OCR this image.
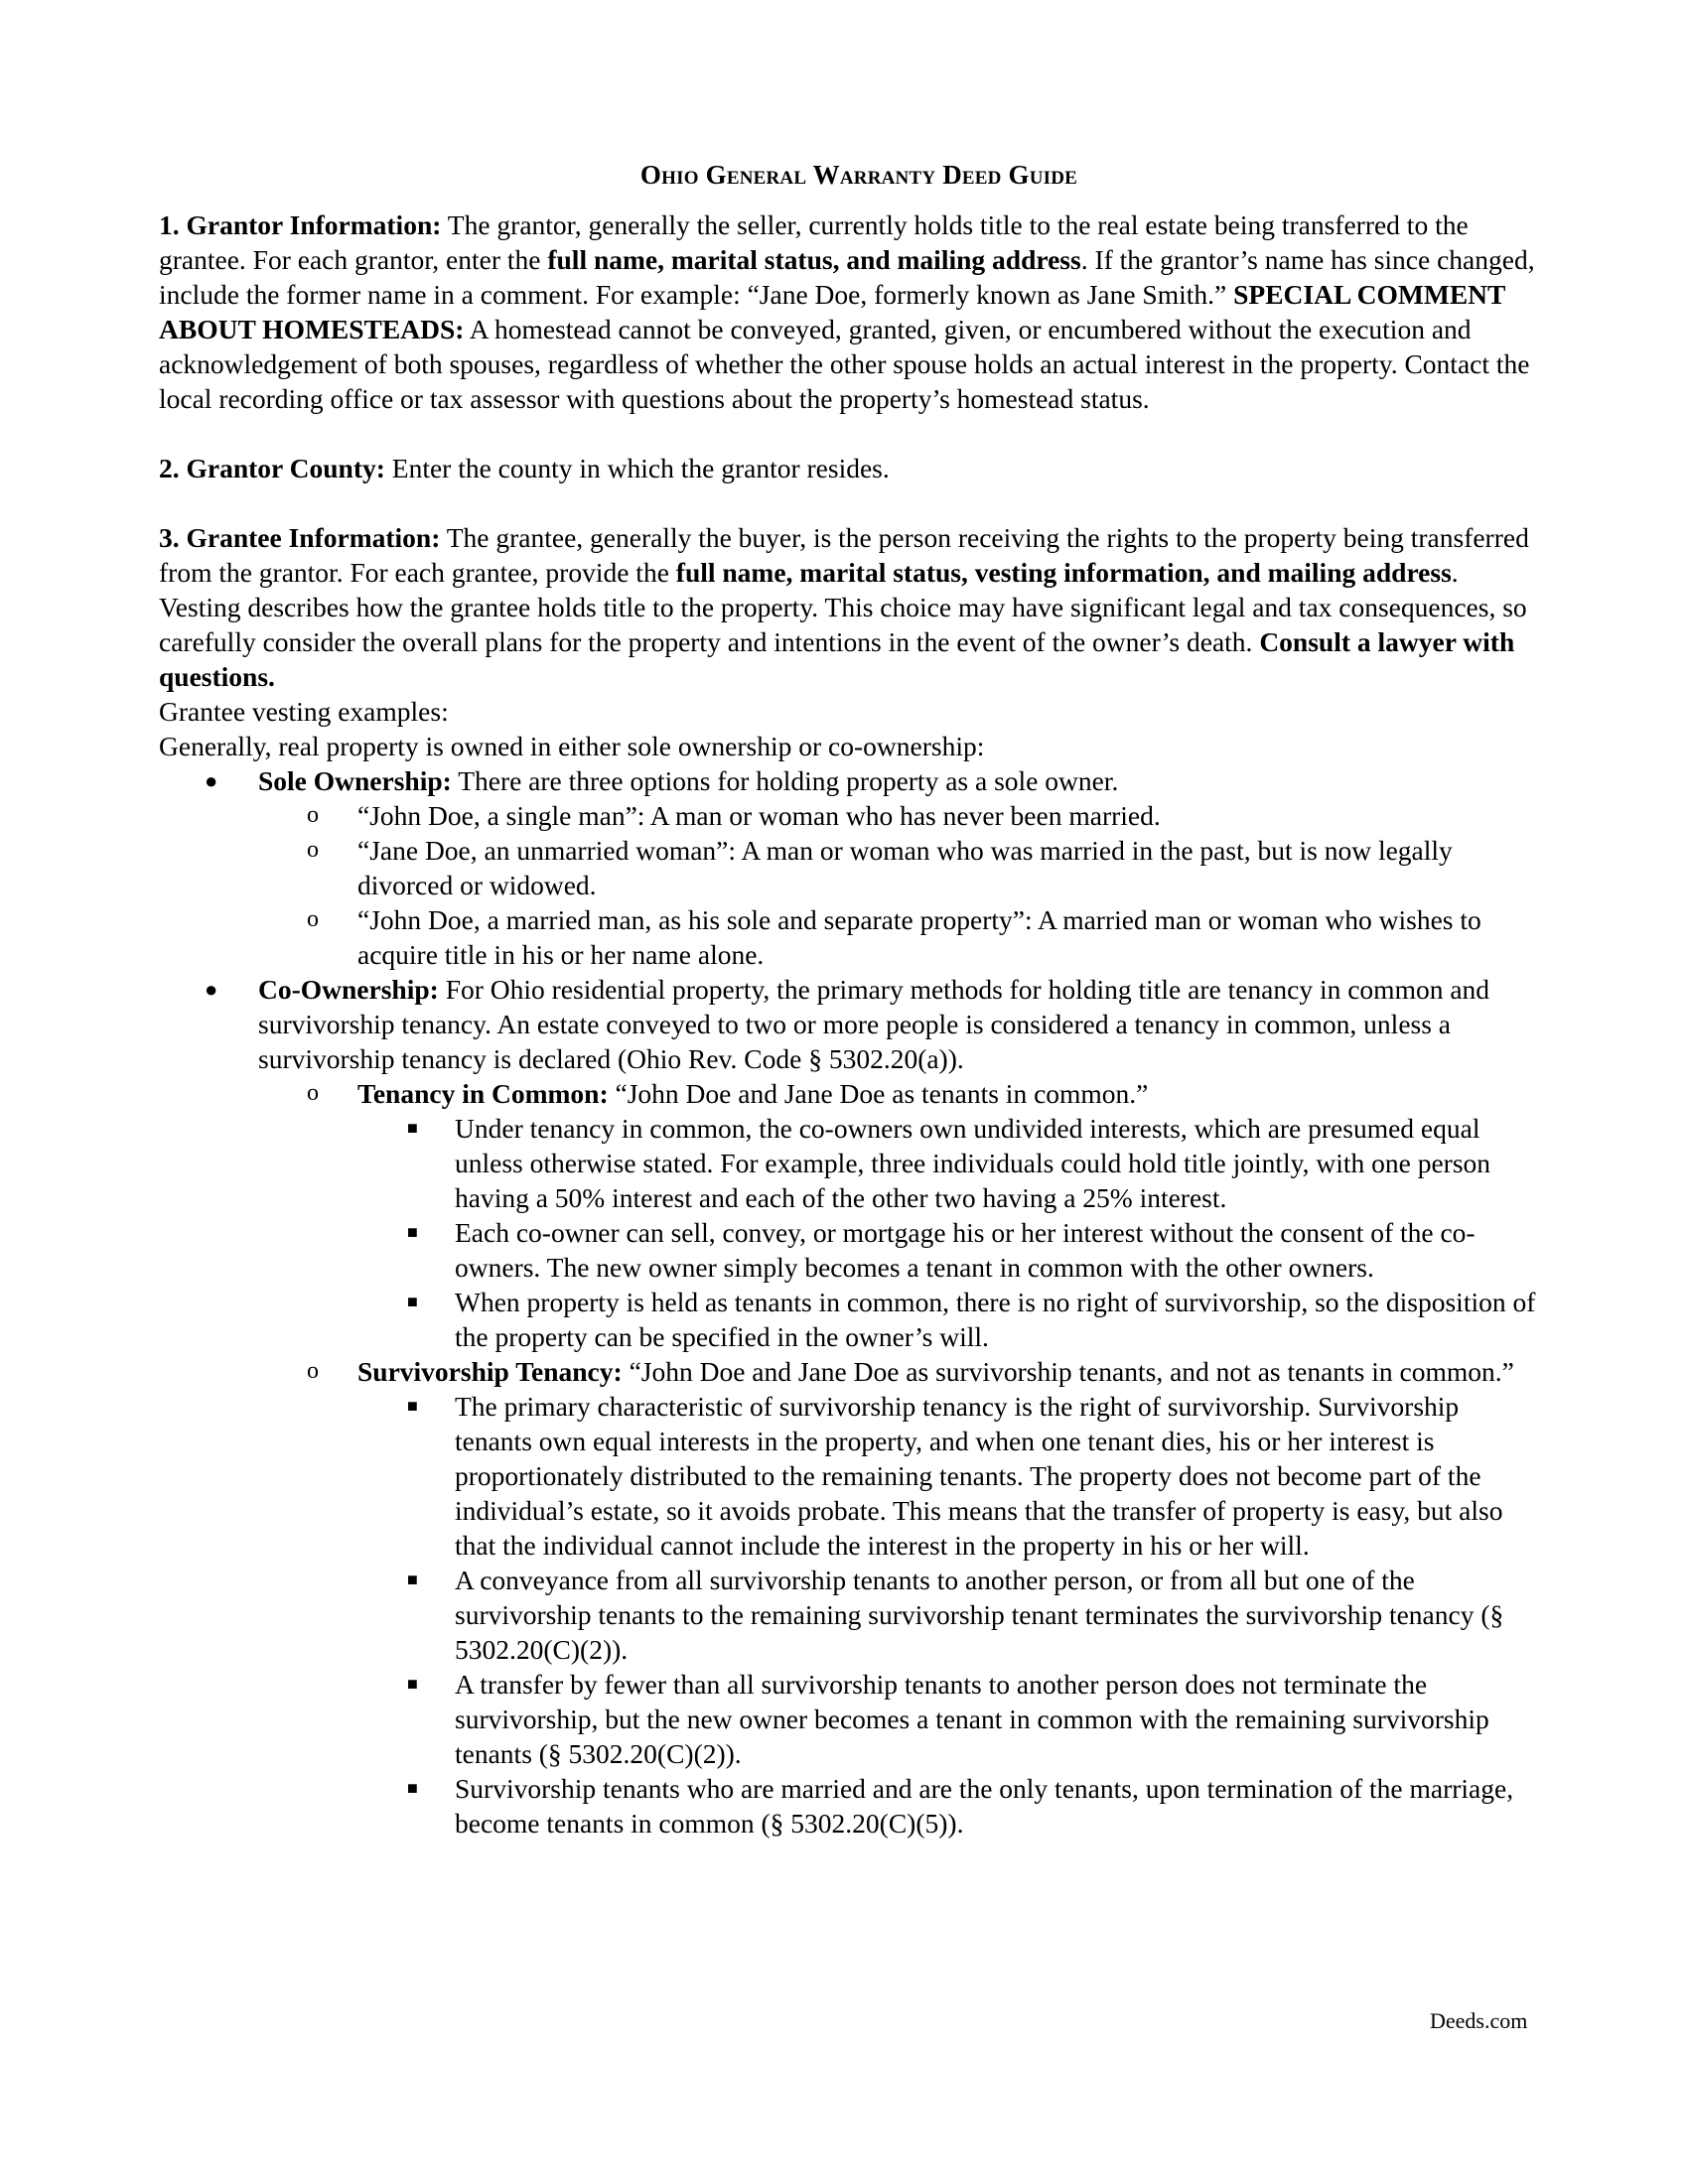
Ohio General Warranty Deed Guide

1. Grantor Information: The grantor, generally the seller, currently holds title to the real estate being transferred to the grantee. For each grantor, enter the full name, marital status, and mailing address. If the grantor’s name has since changed, include the former name in a comment. For example: “Jane Doe, formerly known as Jane Smith.” SPECIAL COMMENT ABOUT HOMESTEADS: A homestead cannot be conveyed, granted, given, or encumbered without the execution and acknowledgement of both spouses, regardless of whether the other spouse holds an actual interest in the property. Contact the local recording office or tax assessor with questions about the property’s homestead status.

2. Grantor County: Enter the county in which the grantor resides.

3. Grantee Information: The grantee, generally the buyer, is the person receiving the rights to the property being transferred from the grantor. For each grantee, provide the full name, marital status, vesting information, and mailing address. Vesting describes how the grantee holds title to the property. This choice may have significant legal and tax consequences, so carefully consider the overall plans for the property and intentions in the event of the owner’s death. Consult a lawyer with questions.

Grantee vesting examples:

Generally, real property is owned in either sole ownership or co-ownership:

● Sole Ownership: There are three options for holding property as a sole owner.
o “John Doe, a single man”: A man or woman who has never been married.
o “Jane Doe, an unmarried woman”: A man or woman who was married in the past, but is now legally divorced or widowed.
o “John Doe, a married man, as his sole and separate property”: A married man or woman who wishes to acquire title in his or her name alone.
● Co-Ownership: For Ohio residential property, the primary methods for holding title are tenancy in common and survivorship tenancy. An estate conveyed to two or more people is considered a tenancy in common, unless a survivorship tenancy is declared (Ohio Rev. Code § 5302.20(a)).
o Tenancy in Common: “John Doe and Jane Doe as tenants in common.”
■ Under tenancy in common, the co-owners own undivided interests, which are presumed equal unless otherwise stated. For example, three individuals could hold title jointly, with one person having a 50% interest and each of the other two having a 25% interest.
■ Each co-owner can sell, convey, or mortgage his or her interest without the consent of the co-owners. The new owner simply becomes a tenant in common with the other owners.
■ When property is held as tenants in common, there is no right of survivorship, so the disposition of the property can be specified in the owner’s will.
o Survivorship Tenancy: “John Doe and Jane Doe as survivorship tenants, and not as tenants in common.”
■ The primary characteristic of survivorship tenancy is the right of survivorship. Survivorship tenants own equal interests in the property, and when one tenant dies, his or her interest is proportionately distributed to the remaining tenants. The property does not become part of the individual’s estate, so it avoids probate. This means that the transfer of property is easy, but also that the individual cannot include the interest in the property in his or her will.
■ A conveyance from all survivorship tenants to another person, or from all but one of the survivorship tenants to the remaining survivorship tenant terminates the survivorship tenancy (§ 5302.20(C)(2)).
■ A transfer by fewer than all survivorship tenants to another person does not terminate the survivorship, but the new owner becomes a tenant in common with the remaining survivorship tenants (§ 5302.20(C)(2)).
■ Survivorship tenants who are married and are the only tenants, upon termination of the marriage, become tenants in common (§ 5302.20(C)(5)).
Deeds.com
